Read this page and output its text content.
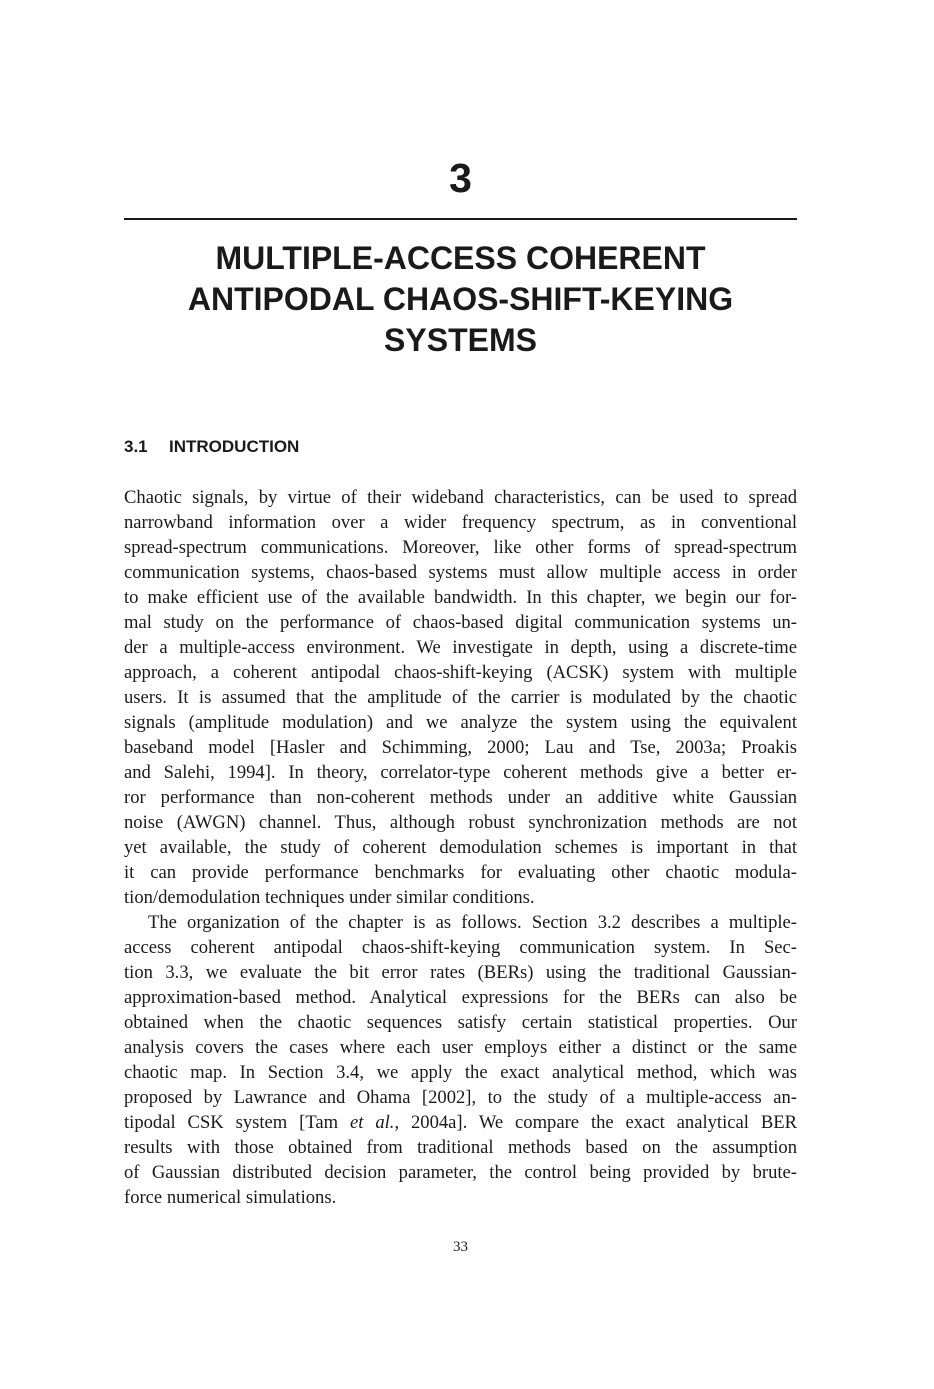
3
MULTIPLE-ACCESS COHERENT
ANTIPODAL CHAOS-SHIFT-KEYING
SYSTEMS
3.1 INTRODUCTION
Chaotic signals, by virtue of their wideband characteristics, can be used to spread
narrowband information over a wider frequency spectrum, as in conventional
spread-spectrum communications. Moreover, like other forms of spread-spectrum
communication systems, chaos-based systems must allow multiple access in order
to make efficient use of the available bandwidth. In this chapter, we begin our for-
mal study on the performance of chaos-based digital communication systems un-
der a multiple-access environment. We investigate in depth, using a discrete-time
approach, a coherent antipodal chaos-shift-keying (ACSK) system with multiple
users. It is assumed that the amplitude of the carrier is modulated by the chaotic
signals (amplitude modulation) and we analyze the system using the equivalent
baseband model [Hasler and Schimming, 2000; Lau and Tse, 2003a; Proakis
and Salehi, 1994]. In theory, correlator-type coherent methods give a better er-
ror performance than non-coherent methods under an additive white Gaussian
noise (AWGN) channel. Thus, although robust synchronization methods are not
yet available, the study of coherent demodulation schemes is important in that
it can provide performance benchmarks for evaluating other chaotic modula-
tion/demodulation techniques under similar conditions.
The organization of the chapter is as follows. Section 3.2 describes a multiple-
access coherent antipodal chaos-shift-keying communication system. In Sec-
tion 3.3, we evaluate the bit error rates (BERs) using the traditional Gaussian-
approximation-based method. Analytical expressions for the BERs can also be
obtained when the chaotic sequences satisfy certain statistical properties. Our
analysis covers the cases where each user employs either a distinct or the same
chaotic map. In Section 3.4, we apply the exact analytical method, which was
proposed by Lawrance and Ohama [2002], to the study of a multiple-access an-
tipodal CSK system [Tam et al., 2004a]. We compare the exact analytical BER
results with those obtained from traditional methods based on the assumption
of Gaussian distributed decision parameter, the control being provided by brute-
force numerical simulations.
33
